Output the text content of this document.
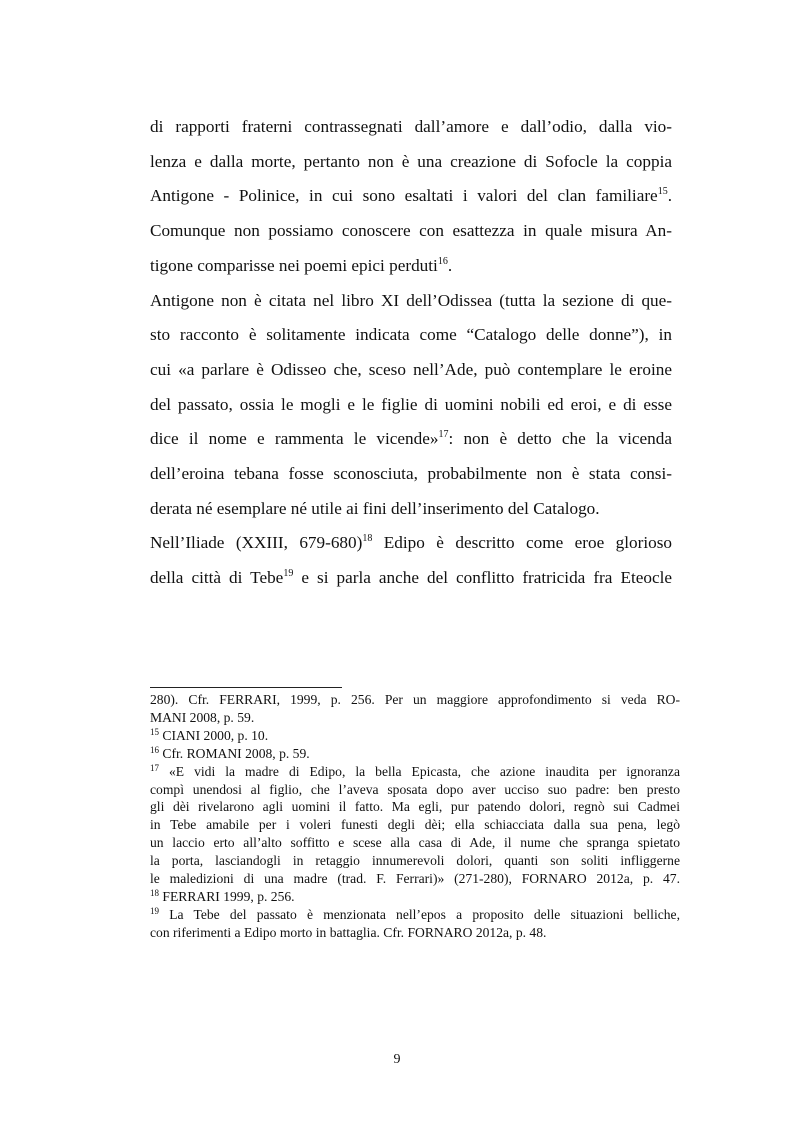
di rapporti fraterni contrassegnati dall’amore e dall’odio, dalla vio-
lenza e dalla morte, pertanto non è una creazione di Sofocle la coppia
Antigone - Polinice, in cui sono esaltati i valori del clan familiare$^{15}$.
Comunque non possiamo conoscere con esattezza in quale misura An-
tigone comparisse nei poemi epici perduti$^{16}$.
Antigone non è citata nel libro XI dell’Odissea (tutta la sezione di que-
sto racconto è solitamente indicata come “Catalogo delle donne”), in
cui «a parlare è Odisseo che, sceso nell’Ade, può contemplare le eroine
del passato, ossia le mogli e le figlie di uomini nobili ed eroi, e di esse
dice il nome e rammenta le vicende»$^{17}$: non è detto che la vicenda
dell’eroina tebana fosse sconosciuta, probabilmente non è stata consi-
derata né esemplare né utile ai fini dell’inserimento del Catalogo.
Nell’Iliade (XXIII, 679-680)$^{18}$ Edipo è descritto come eroe glorioso
della città di Tebe$^{19}$ e si parla anche del conflitto fratricida fra Eteocle
280). Cfr. FERRARI, 1999, p. 256. Per un maggiore approfondimento si veda RO-
MANI 2008, p. 59.
$^{15}$ CIANI 2000, p. 10.
$^{16}$ Cfr. ROMANI 2008, p. 59.
$^{17}$ «E vidi la madre di Edipo, la bella Epicasta, che azione inaudita per ignoranza
compì unendosi al figlio, che l’aveva sposata dopo aver ucciso suo padre: ben presto
gli dèi rivelarono agli uomini il fatto. Ma egli, pur patendo dolori, regnò sui Cadmei
in Tebe amabile per i voleri funesti degli dèi; ella schiacciata dalla sua pena, legò
un laccio erto all’alto soffitto e scese alla casa di Ade, il nume che spranga spietato
la porta, lasciandogli in retaggio innumerevoli dolori, quanti son soliti infliggerne
le maledizioni di una madre (trad. F. Ferrari)» (271-280), FORNARO 2012a, p. 47.
$^{18}$ FERRARI 1999, p. 256.
$^{19}$ La Tebe del passato è menzionata nell’epos a proposito delle situazioni belliche,
con riferimenti a Edipo morto in battaglia. Cfr. FORNARO 2012a, p. 48.
9
